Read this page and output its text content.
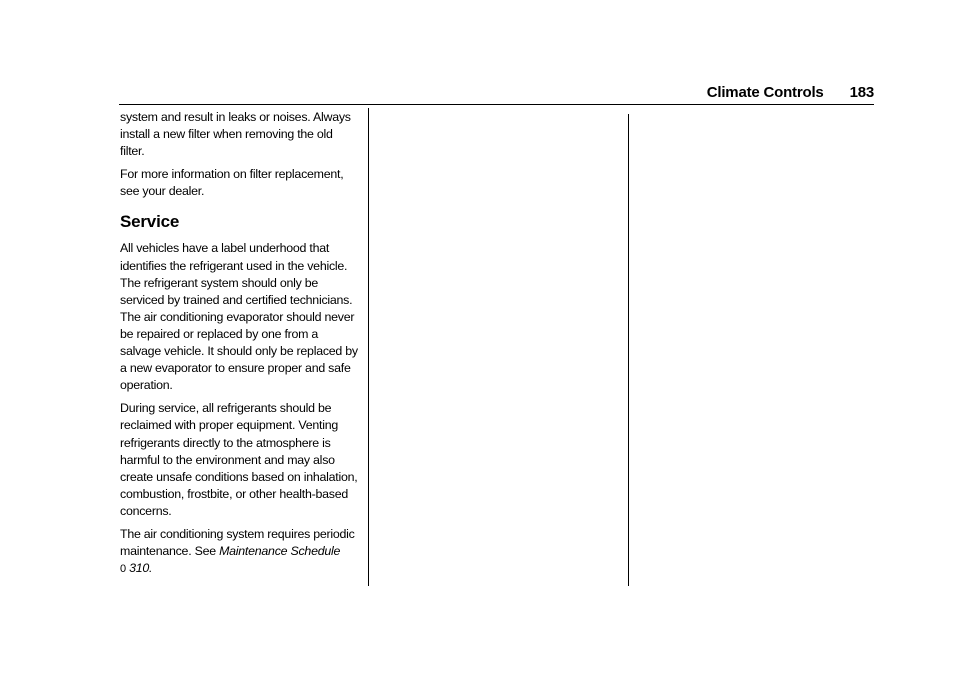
Climate Controls 183

system and result in leaks or noises. Always install a new filter when removing the old filter.

For more information on filter replacement, see your dealer.

Service

All vehicles have a label underhood that identifies the refrigerant used in the vehicle. The refrigerant system should only be serviced by trained and certified technicians. The air conditioning evaporator should never be repaired or replaced by one from a salvage vehicle. It should only be replaced by a new evaporator to ensure proper and safe operation.

During service, all refrigerants should be reclaimed with proper equipment. Venting refrigerants directly to the atmosphere is harmful to the environment and may also create unsafe conditions based on inhalation, combustion, frostbite, or other health-based concerns.

The air conditioning system requires periodic maintenance. See Maintenance Schedule
0 310.
